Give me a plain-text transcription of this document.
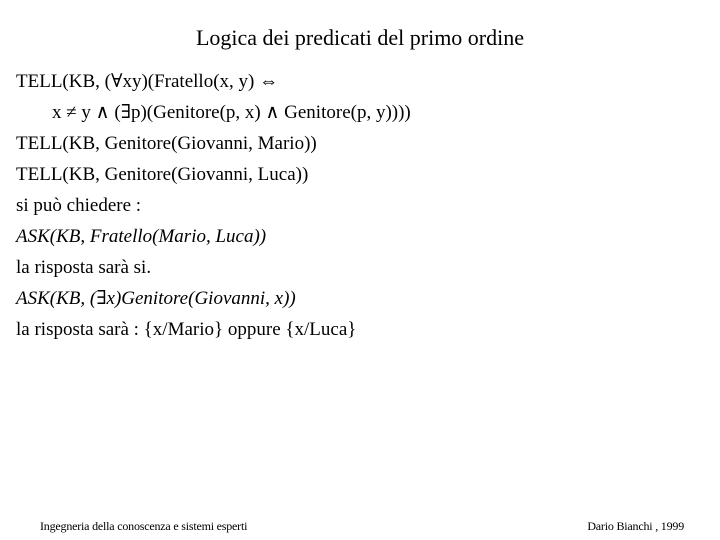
Logica dei predicati del primo ordine
TELL(KB, (∀xy)(Fratello(x, y) ⇔
x ≠ y ∧ (∃p)(Genitore(p, x) ∧ Genitore(p, y))))
TELL(KB, Genitore(Giovanni, Mario))
TELL(KB, Genitore(Giovanni, Luca))
si può chiedere :
ASK(KB, Fratello(Mario, Luca))
la risposta sarà si.
ASK(KB, (∃x)Genitore(Giovanni, x))
la risposta sarà : {x/Mario} oppure {x/Luca}
Ingegneria della conoscenza e sistemi esperti	Dario Bianchi , 1999
